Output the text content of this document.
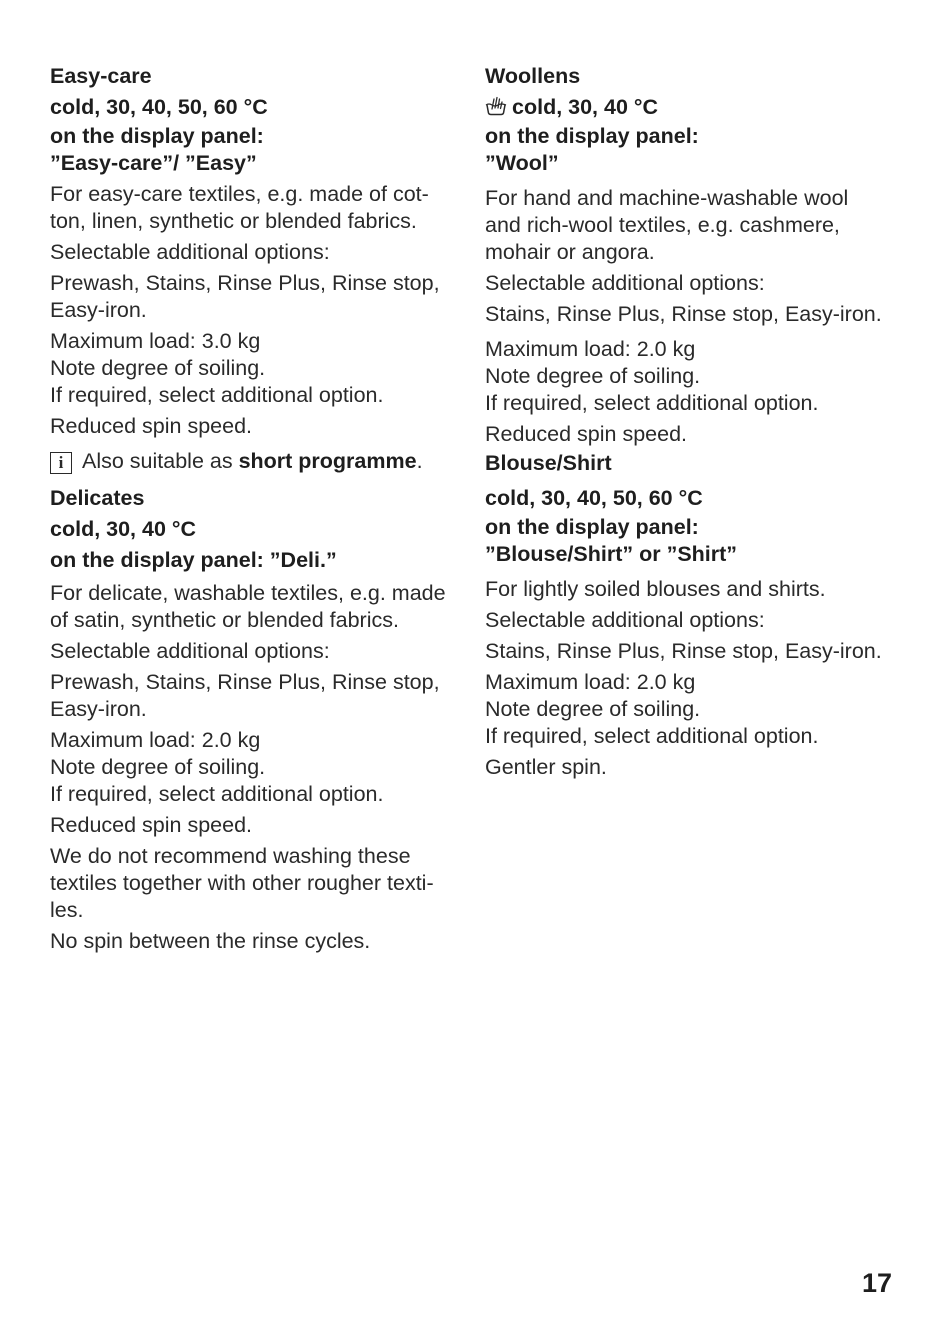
Easy-care
cold, 30, 40, 50, 60 °C
on the display panel:
”Easy-care”/ ”Easy”
For easy-care textiles, e.g. made of cot-
ton, linen, synthetic or blended fabrics.
Selectable additional options:
Prewash, Stains, Rinse Plus, Rinse stop,
Easy-iron.
Maximum load: 3.0 kg
Note degree of soiling.
If required, select additional option.
Reduced spin speed.
i Also suitable as short programme.
Delicates
cold, 30, 40 °C
on the display panel: ”Deli.”
For delicate, washable textiles, e.g. made
of satin, synthetic or blended fabrics.
Selectable additional options:
Prewash, Stains, Rinse Plus, Rinse stop,
Easy-iron.
Maximum load: 2.0 kg
Note degree of soiling.
If required, select additional option.
Reduced spin speed.
We do not recommend washing these
textiles together with other rougher texti-
les.
No spin between the rinse cycles.
Woollens
cold, 30, 40 °C
on the display panel:
”Wool”
For hand and machine-washable wool
and rich-wool textiles, e.g. cashmere,
mohair or angora.
Selectable additional options:
Stains, Rinse Plus, Rinse stop, Easy-iron.
Maximum load: 2.0 kg
Note degree of soiling.
If required, select additional option.
Reduced spin speed.
Blouse/Shirt
cold, 30, 40, 50, 60 °C
on the display panel:
”Blouse/Shirt” or ”Shirt”
For lightly soiled blouses and shirts.
Selectable additional options:
Stains, Rinse Plus, Rinse stop, Easy-iron.
Maximum load: 2.0 kg
Note degree of soiling.
If required, select additional option.
Gentler spin.
17
